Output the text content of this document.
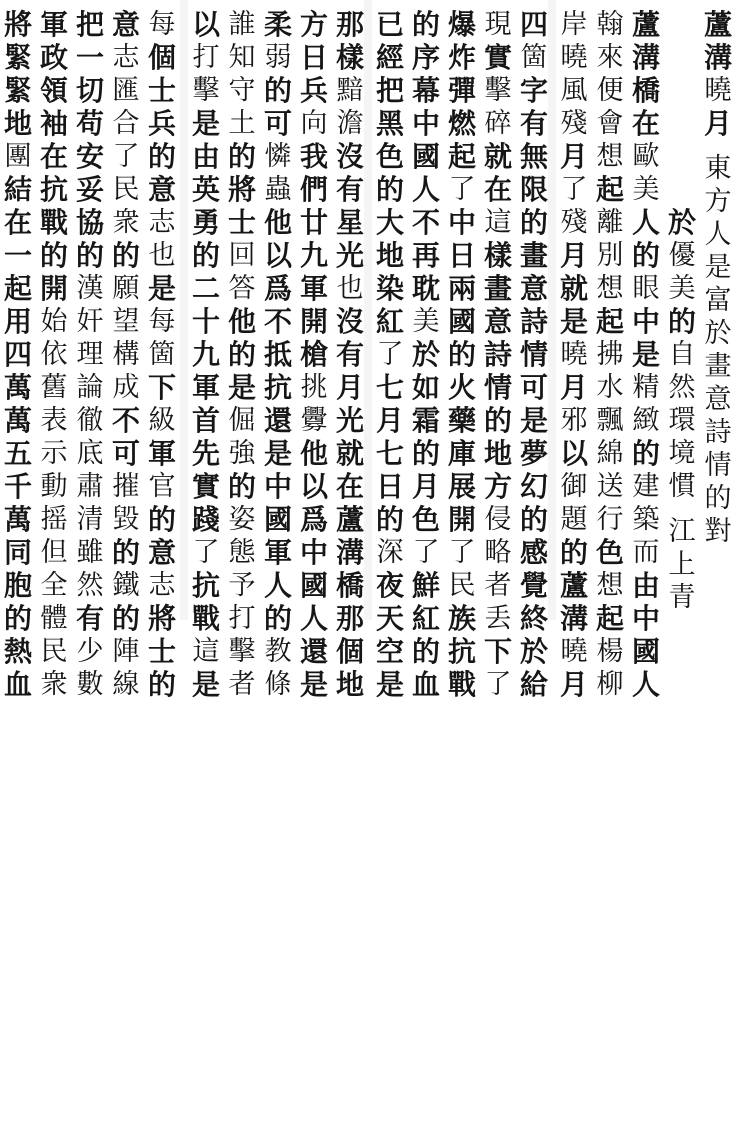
每
個
士
兵
的
意
志
也
是
每
箇
下
級
軍
官
的
意
志
將
士
的
意
志
匯
合
了
民
衆
的
願
望
構
成
不
可
摧
毀
的
鐵
的
陣
線
把
一
切
苟
安
妥
協
的
漢
奸
理
論
徹
底
肅
清
雖
然
有
少
數
軍
政
領
袖
在
抗
戰
的
開
始
依
舊
表
示
動
摇
但
全
體
民
衆
將
緊
緊
地
團
結
在
一
起
用
四
萬
萬
五
千
萬
同
胞
的
熱
血
那
樣
黯
澹
沒
有
星
光
也
沒
有
月
光
就
在
蘆
溝
橋
那
個
地
方
日
兵
向
我
們
廿
九
軍
開
槍
挑
釁
他
以
爲
中
國
人
還
是
柔
弱
的
可
憐
蟲
他
以
爲
不
抵
抗
還
是
中
國
軍
人
的
教
條
誰
知
守
土
的
將
士
回
答
他
的
是
倔
強
的
姿
態
予
打
擊
者
以
打
擊
是
由
英
勇
的
二
十
九
軍
首
先
實
踐
了
抗
戰
這
是
四
箇
字
有
無
限
的
畫
意
詩
情
可
是
夢
幻
的
感
覺
終
於
給
現
實
擊
碎
就
在
這
樣
畫
意
詩
情
的
地
方
侵
略
者
丢
下
了
爆
炸
彈
燃
起
了
中
日
兩
國
的
火
藥
庫
展
開
了
民
族
抗
戰
的
序
幕
中
國
人
不
再
耽
美
於
如
霜
的
月
色
了
鮮
紅
的
血
已
經
把
黑
色
的
大
地
染
紅
了
七
月
七
日
的
深
夜
天
空
是
蘆
溝
曉
月
於
優
美
的
自
然
環
境
慣
蘆
溝
橋
在
歐
美
人
的
眼
中
是
精
緻
的
建
築
而
由
中
國
人
翰
來
便
會
想
起
離
別
想
起
拂
水
飄
綿
送
行
色
想
起
楊
柳
岸
曉
風
殘
月
了
殘
月
就
是
曉
月
邪
以
御
題
的
蘆
溝
曉
月
江
上
青
東
方
人
是
富
於
畫
意
詩
情
的
對
